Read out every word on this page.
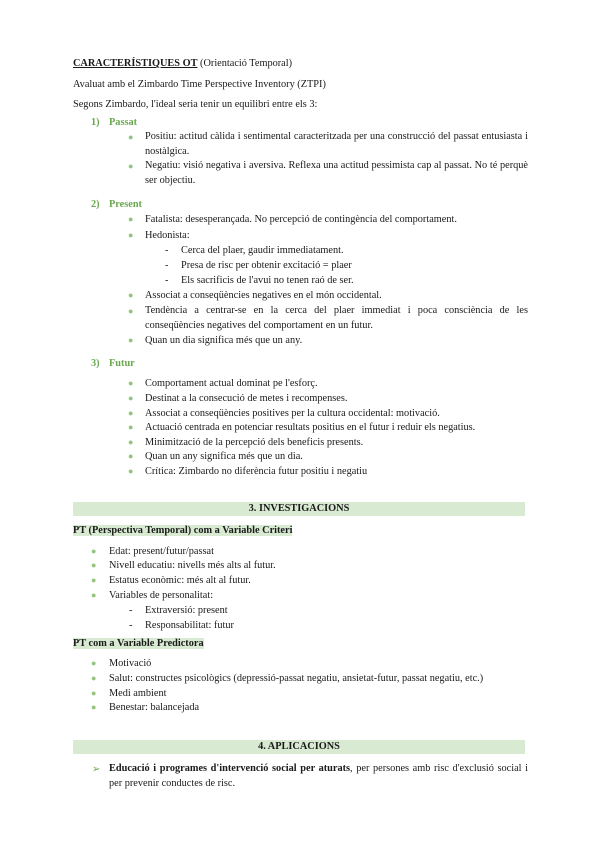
CARACTERÍSTIQUES OT (Orientació Temporal)
Avaluat amb el Zimbardo Time Perspective Inventory (ZTPI)
Segons Zimbardo, l'ideal seria tenir un equilibri entre els 3:
1) Passat
● Positiu: actitud càlida i sentimental caracteritzada per una construcció del passat entusiasta i nostàlgica.

● Negatiu: visió negativa i aversiva. Reflexa una actitud pessimista cap al passat. No té perquè ser objectiu.

2) Present
● Fatalista: desesperançada. No percepció de contingència del comportament.
● Hedonista:
- Cerca del plaer, gaudir immediatament.
- Presa de risc per obtenir excitació = plaer
- Els sacrificis de l'avui no tenen raó de ser.
● Associat a conseqüències negatives en el món occidental.
● Tendència a centrar-se en la cerca del plaer immediat i poca consciència de les conseqüències negatives del comportament en un futur.

● Quan un dia significa més que un any.
3) Futur
● Comportament actual dominat pe l'esforç.
● Destinat a la consecució de metes i recompenses.
● Associat a conseqüències positives per la cultura occidental: motivació.
● Actuació centrada en potenciar resultats positius en el futur i reduir els negatius.
● Minimització de la percepció dels beneficis presents.
● Quan un any significa més que un dia.
● Crítica: Zimbardo no diferència futur positiu i negatiu
3. INVESTIGACIONS
PT (Perspectiva Temporal) com a Variable Criteri
● Edat: present/futur/passat
● Nivell educatiu: nivells més alts al futur.
● Estatus econòmic: més alt al futur.
● Variables de personalitat:
- Extraversió: present
- Responsabilitat: futur
PT com a Variable Predictora
● Motivació
● Salut: constructes psicològics (depressió-passat negatiu, ansietat-futur, passat negatiu, etc.)
● Medi ambient
● Benestar: balancejada
4. APLICACIONS
➢ Educació i programes d'intervenció social per aturats, per persones amb risc d'exclusió social i per prevenir conductes de risc.
